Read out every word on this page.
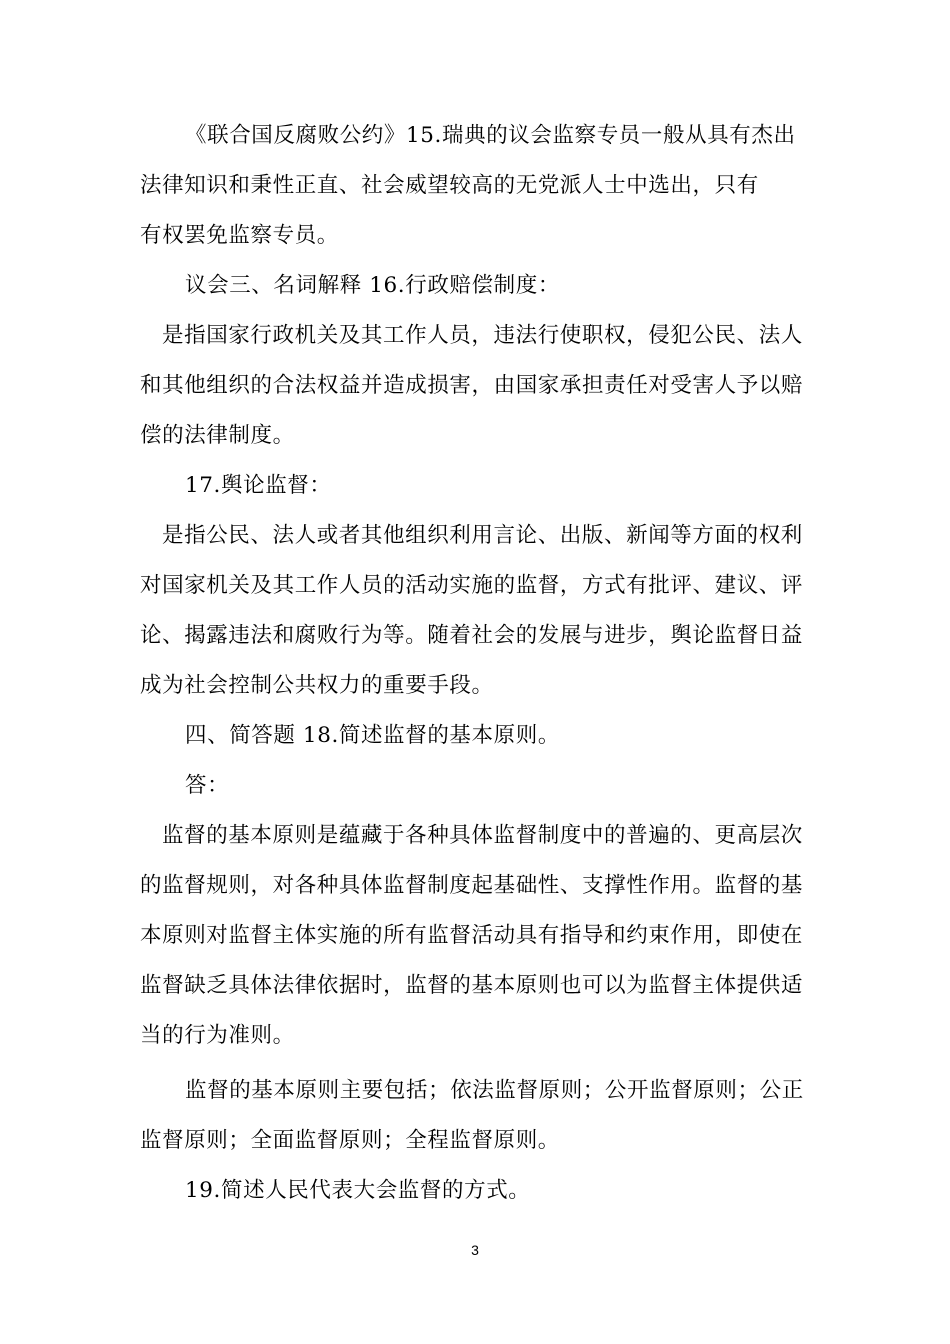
《联合国反腐败公约》15.瑞典的议会监察专员一般从具有杰出
法律知识和秉性正直、社会威望较高的无党派人士中选出，只有
有权罢免监察专员。
议会三、名词解释 16.行政赔偿制度：
是指国家行政机关及其工作人员，违法行使职权，侵犯公民、法人
和其他组织的合法权益并造成损害，由国家承担责任对受害人予以赔
偿的法律制度。
17.舆论监督：
是指公民、法人或者其他组织利用言论、出版、新闻等方面的权利
对国家机关及其工作人员的活动实施的监督，方式有批评、建议、评
论、揭露违法和腐败行为等。随着社会的发展与进步，舆论监督日益
成为社会控制公共权力的重要手段。
四、简答题 18.简述监督的基本原则。
答：
监督的基本原则是蕴藏于各种具体监督制度中的普遍的、更高层次
的监督规则，对各种具体监督制度起基础性、支撑性作用。监督的基
本原则对监督主体实施的所有监督活动具有指导和约束作用，即使在
监督缺乏具体法律依据时，监督的基本原则也可以为监督主体提供适
当的行为准则。
监督的基本原则主要包括；依法监督原则；公开监督原则；公正
监督原则；全面监督原则；全程监督原则。
19.简述人民代表大会监督的方式。
3
